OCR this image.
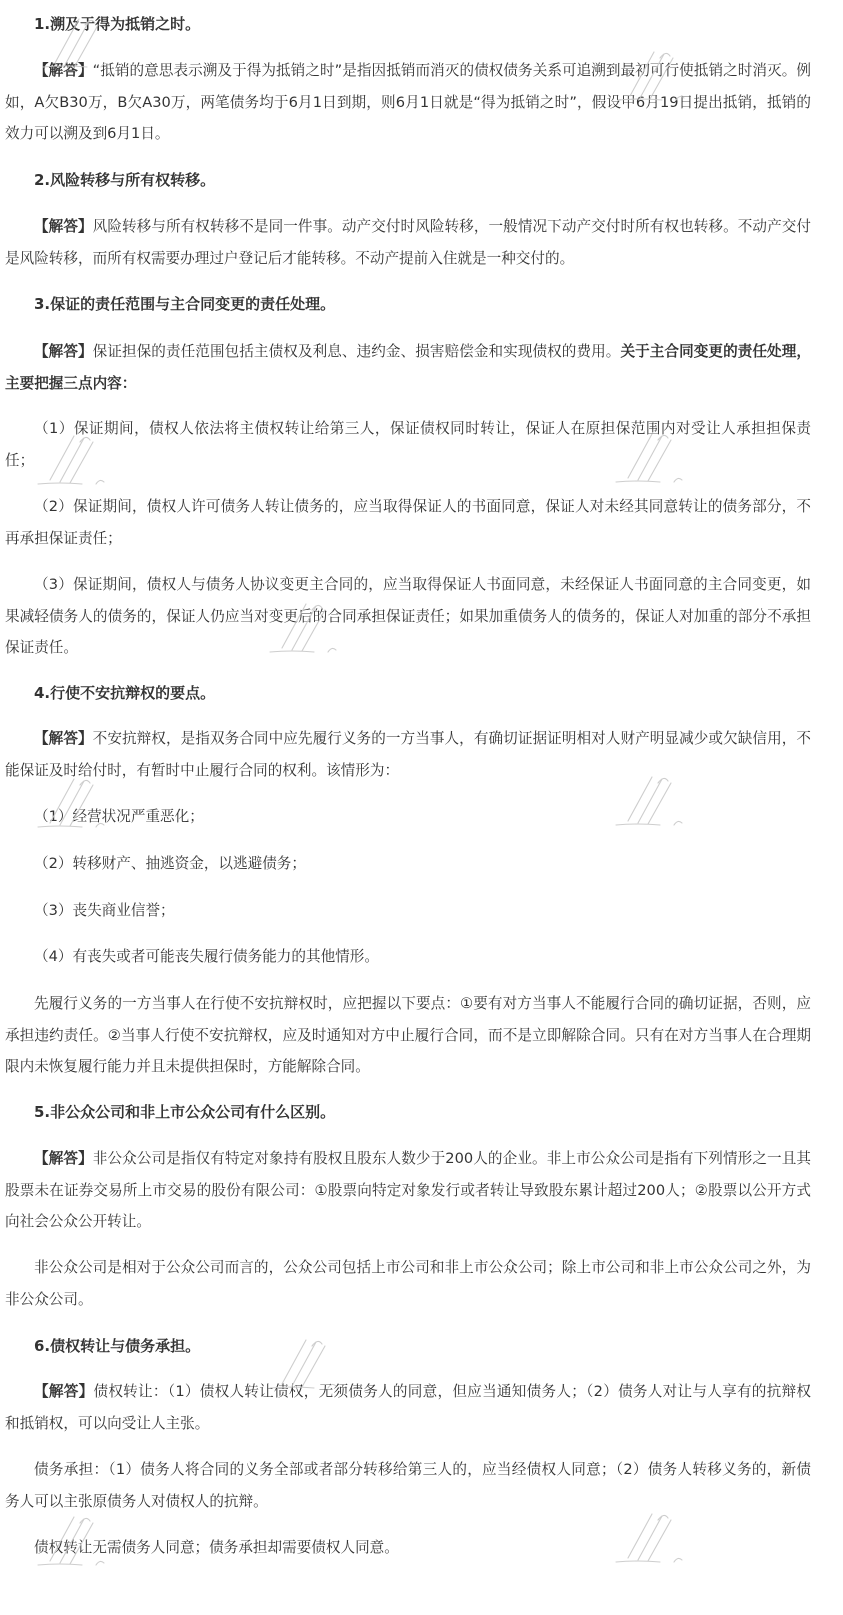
1.溯及于得为抵销之时。
【解答】“抵销的意思表示溯及于得为抵销之时”是指因抵销而消灭的债权债务关系可追溯到最初可行使抵销之时消灭。例如，A欠B30万，B欠A30万，两笔债务均于6月1日到期，则6月1日就是“得为抵销之时”，假设甲6月19日提出抵销，抵销的效力可以溯及到6月1日。
2.风险转移与所有权转移。
【解答】风险转移与所有权转移不是同一件事。动产交付时风险转移，一般情况下动产交付时所有权也转移。不动产交付是风险转移，而所有权需要办理过户登记后才能转移。不动产提前入住就是一种交付的。
3.保证的责任范围与主合同变更的责任处理。
【解答】保证担保的责任范围包括主债权及利息、违约金、损害赔偿金和实现债权的费用。关于主合同变更的责任处理，主要把握三点内容：
（1）保证期间，债权人依法将主债权转让给第三人，保证债权同时转让，保证人在原担保范围内对受让人承担担保责任；
（2）保证期间，债权人许可债务人转让债务的，应当取得保证人的书面同意，保证人对未经其同意转让的债务部分，不再承担保证责任；
（3）保证期间，债权人与债务人协议变更主合同的，应当取得保证人书面同意，未经保证人书面同意的主合同变更，如果减轻债务人的债务的，保证人仍应当对变更后的合同承担保证责任；如果加重债务人的债务的，保证人对加重的部分不承担保证责任。
4.行使不安抗辩权的要点。
【解答】不安抗辩权，是指双务合同中应先履行义务的一方当事人，有确切证据证明相对人财产明显减少或欠缺信用，不能保证及时给付时，有暂时中止履行合同的权利。该情形为：
（1）经营状况严重恶化；
（2）转移财产、抽逃资金，以逃避债务；
（3）丧失商业信誉；
（4）有丧失或者可能丧失履行债务能力的其他情形。
先履行义务的一方当事人在行使不安抗辩权时，应把握以下要点：①要有对方当事人不能履行合同的确切证据，否则，应承担违约责任。②当事人行使不安抗辩权，应及时通知对方中止履行合同，而不是立即解除合同。只有在对方当事人在合理期限内未恢复履行能力并且未提供担保时，方能解除合同。
5.非公众公司和非上市公众公司有什么区别。
【解答】非公众公司是指仅有特定对象持有股权且股东人数少于200人的企业。非上市公众公司是指有下列情形之一且其股票未在证券交易所上市交易的股份有限公司：①股票向特定对象发行或者转让导致股东累计超过200人；②股票以公开方式向社会公众公开转让。
非公众公司是相对于公众公司而言的，公众公司包括上市公司和非上市公众公司；除上市公司和非上市公众公司之外，为非公众公司。
6.债权转让与债务承担。
【解答】债权转让：（1）债权人转让债权，无须债务人的同意，但应当通知债务人；（2）债务人对让与人享有的抗辩权和抵销权，可以向受让人主张。
债务承担：（1）债务人将合同的义务全部或者部分转移给第三人的，应当经债权人同意；（2）债务人转移义务的，新债务人可以主张原债务人对债权人的抗辩。
债权转让无需债务人同意；债务承担却需要债权人同意。
